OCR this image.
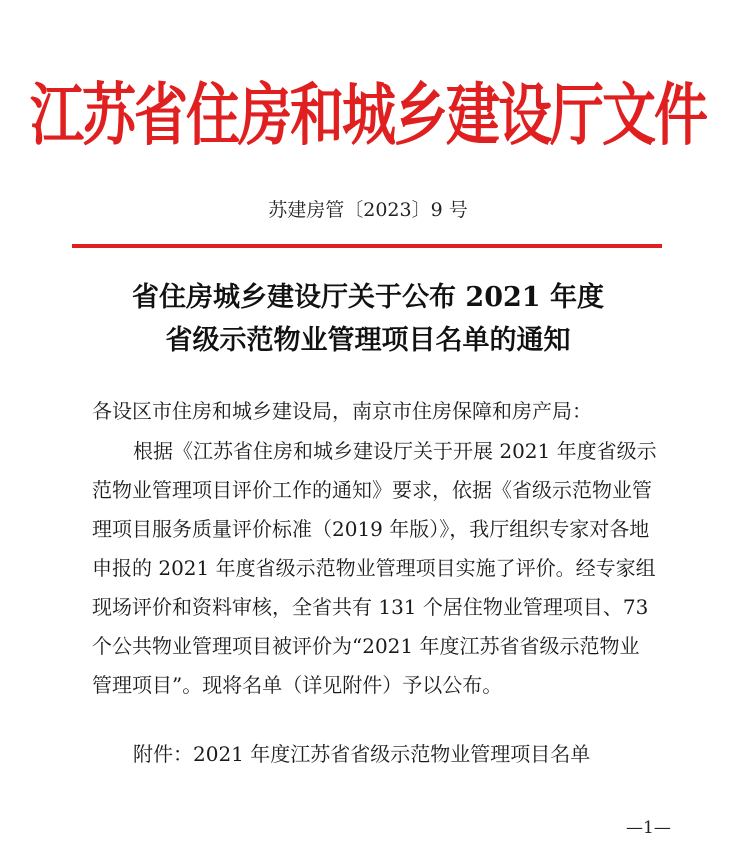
江苏省住房和城乡建设厅文件
苏建房管〔2023〕9 号
省住房城乡建设厅关于公布 2021 年度
省级示范物业管理项目名单的通知
各设区市住房和城乡建设局，南京市住房保障和房产局：
根据《江苏省住房和城乡建设厅关于开展 2021 年度省级示
范物业管理项目评价工作的通知》要求，依据《省级示范物业管
理项目服务质量评价标准（2019 年版）》，我厅组织专家对各地
申报的 2021 年度省级示范物业管理项目实施了评价。经专家组
现场评价和资料审核，全省共有 131 个居住物业管理项目、73
个公共物业管理项目被评价为“2021 年度江苏省省级示范物业
管理项目”。现将名单（详见附件）予以公布。
附件：2021 年度江苏省省级示范物业管理项目名单
—1—
